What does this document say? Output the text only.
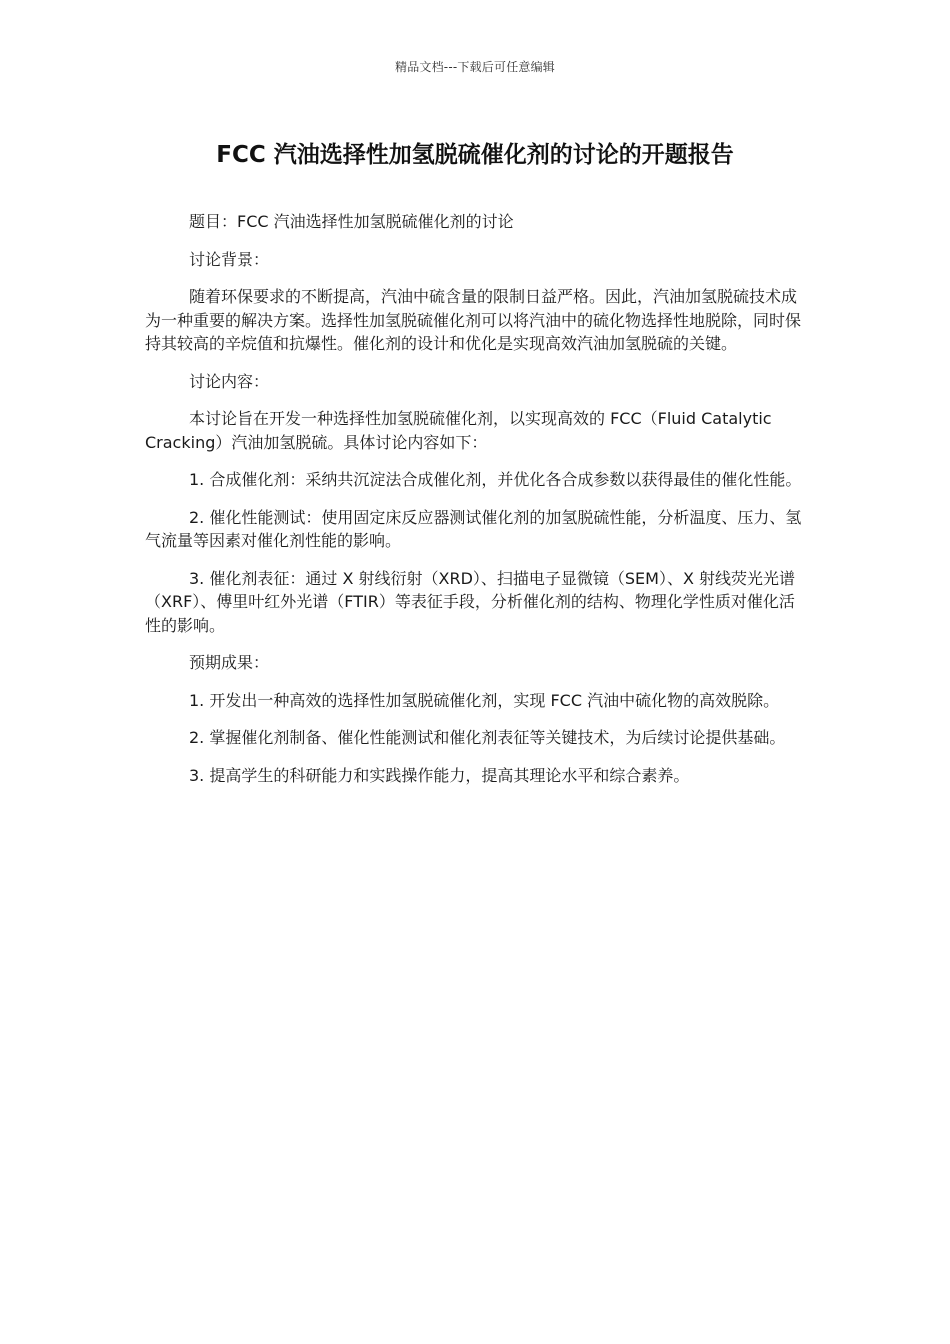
精品文档---下载后可任意编辑
FCC 汽油选择性加氢脱硫催化剂的讨论的开题报告

题目：FCC 汽油选择性加氢脱硫催化剂的讨论

讨论背景：

随着环保要求的不断提高，汽油中硫含量的限制日益严格。因此，汽油加氢脱硫技术成为一种重要的解决方案。选择性加氢脱硫催化剂可以将汽油中的硫化物选择性地脱除，同时保持其较高的辛烷值和抗爆性。催化剂的设计和优化是实现高效汽油加氢脱硫的关键。

讨论内容：

本讨论旨在开发一种选择性加氢脱硫催化剂，以实现高效的 FCC（Fluid Catalytic Cracking）汽油加氢脱硫。具体讨论内容如下：

1. 合成催化剂：采纳共沉淀法合成催化剂，并优化各合成参数以获得最佳的催化性能。

2. 催化性能测试：使用固定床反应器测试催化剂的加氢脱硫性能，分析温度、压力、氢气流量等因素对催化剂性能的影响。

3. 催化剂表征：通过 X 射线衍射（XRD）、扫描电子显微镜（SEM）、X 射线荧光光谱（XRF）、傅里叶红外光谱（FTIR）等表征手段，分析催化剂的结构、物理化学性质对催化活性的影响。

预期成果：

1. 开发出一种高效的选择性加氢脱硫催化剂，实现 FCC 汽油中硫化物的高效脱除。

2. 掌握催化剂制备、催化性能测试和催化剂表征等关键技术，为后续讨论提供基础。

3. 提高学生的科研能力和实践操作能力，提高其理论水平和综合素养。
